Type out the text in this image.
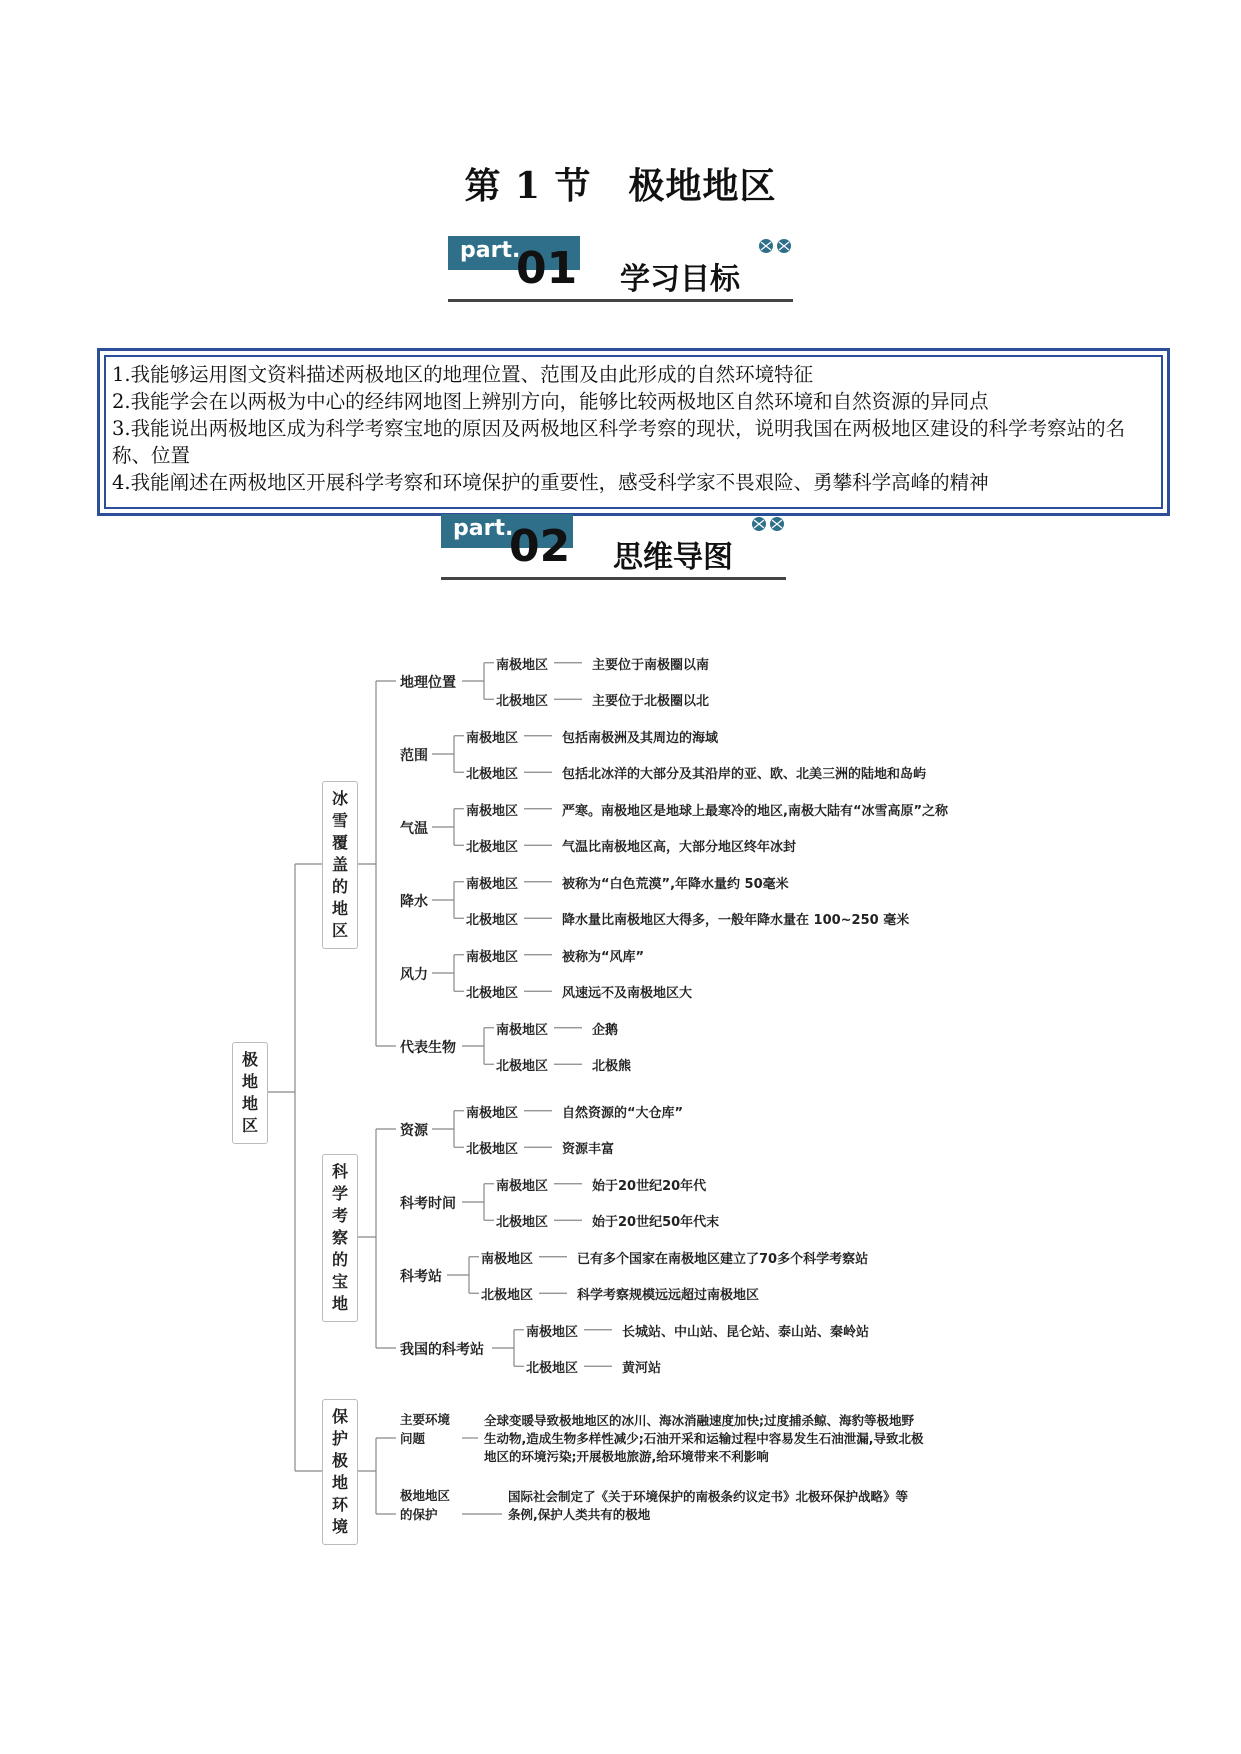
第 1 节　极地地区
part.
01 学习目标

1.我能够运用图文资料描述两极地区的地理位置、范围及由此形成的自然环境特征

2.我能学会在以两极为中心的经纬网地图上辨别方向，能够比较两极地区自然环境和自然资源的异同点

3.我能说出两极地区成为科学考察宝地的原因及两极地区科学考察的现状，说明我国在两极地区建设的科学考察站的名称、位置

4.我能阐述在两极地区开展科学考察和环境保护的重要性，感受科学家不畏艰险、勇攀科学高峰的精神

part.
02 思维导图
极
地
地
区
冰
雪
覆
盖
的
地
区
地理位置
南极地区	主要位于南极圈以南
北极地区	主要位于北极圈以北
范围
南极地区	包括南极洲及其周边的海域
北极地区	包括北冰洋的大部分及其沿岸的亚、欧、北美三洲的陆地和岛屿
气温
南极地区	严寒。南极地区是地球上最寒冷的地区,南极大陆有“冰雪高原”之称
北极地区	气温比南极地区高，大部分地区终年冰封
降水
南极地区	被称为“白色荒漠”,年降水量约 50毫米
北极地区	降水量比南极地区大得多，一般年降水量在 100~250 毫米
风力
南极地区	被称为“风库”
北极地区	风速远不及南极地区大
代表生物
南极地区	企鹅
北极地区	北极熊
科
学
考
察
的
宝
地
资源
南极地区	自然资源的“大仓库”
北极地区	资源丰富
科考时间
南极地区	始于20世纪20年代
北极地区	始于20世纪50年代末
科考站
南极地区	已有多个国家在南极地区建立了70多个科学考察站
北极地区	科学考察规模远远超过南极地区
我国的科考站
南极地区	长城站、中山站、昆仑站、泰山站、秦岭站
北极地区	黄河站
保
护
极
地
环
境
主要环境问题
全球变暖导致极地地区的冰川、海冰消融速度加快;过度捕杀鲸、海豹等极地野生动物,造成生物多样性减少;石油开采和运输过程中容易发生石油泄漏,导致北极地区的环境污染;开展极地旅游,给环境带来不利影响
极地地区的保护
国际社会制定了《关于环境保护的南极条约议定书》北极环保护战略》等条例,保护人类共有的极地
